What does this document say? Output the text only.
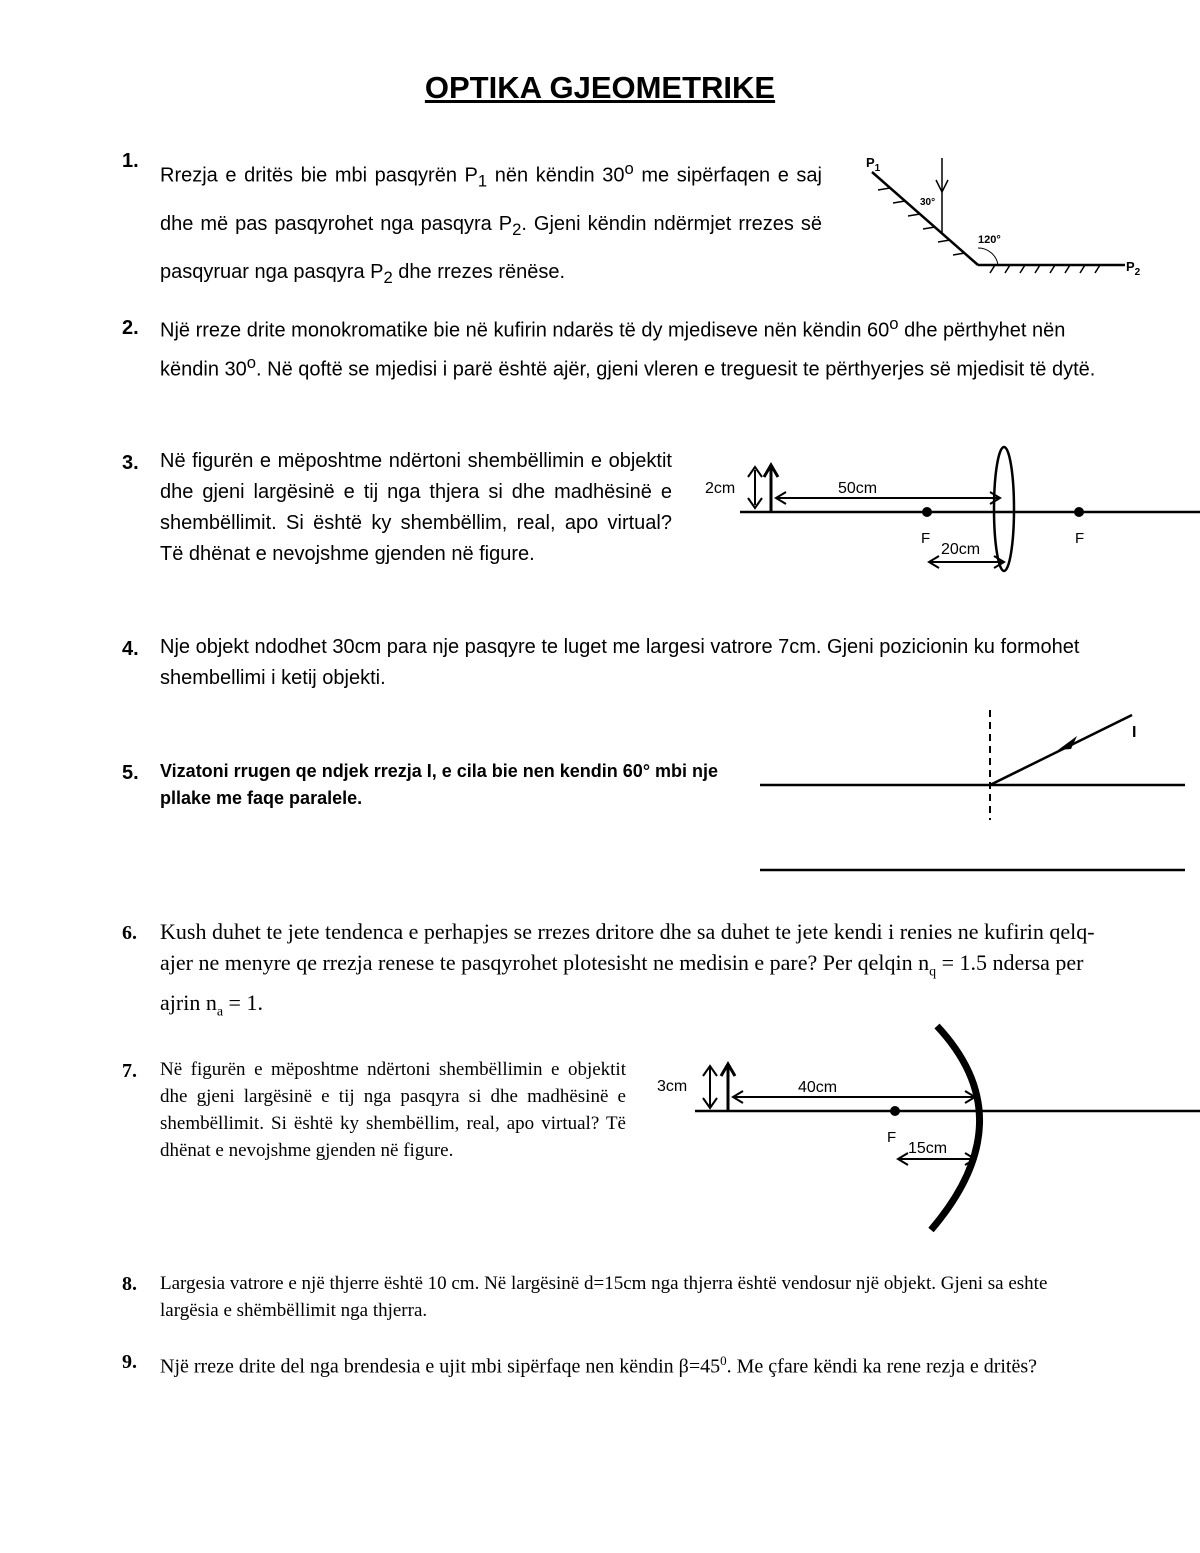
OPTIKA GJEOMETRIKE
1.
Rrezja e dritës bie mbi pasqyrën $P_1$ nën këndin 30$^o$ me sipërfaqen e saj dhe më pas pasqyrohet nga pasqyra $P_2$. Gjeni këndin ndërmjet rrezes së pasqyruar nga pasqyra $P_2$ dhe rrezes rënëse.
$P_1$
$P_2$
30°
120°
2. Një rreze drite monokromatike bie në kufirin ndarës të dy mjediseve nën këndin 60$^o$ dhe përthyhet nën këndin 30$^o$. Në qoftë se mjedisi i parë është ajër, gjeni vleren e treguesit te përthyerjes së mjedisit të dytë.
3. Në figurën e mëposhtme ndërtoni shembëllimin e objektit dhe gjeni largësinë e tij nga thjera si dhe madhësinë e shembëllimit. Si është ky shembëllim, real, apo virtual? Të dhënat e nevojshme gjenden në figure.
2cm	50cm
F	F
20cm
4. Nje objekt ndodhet 30cm para nje pasqyre te luget me largesi vatrore 7cm. Gjeni pozicionin ku formohet shembellimi i ketij objekti.
5. Vizatoni rrugen qe ndjek rrezja I, e cila bie nen kendin 60° mbi nje pllake me faqe paralele.
I
6. Kush duhet te jete tendenca e perhapjes se rrezes dritore dhe sa duhet te jete kendi i renies ne kufirin qelq-ajer ne menyre qe rrezja renese te pasqyrohet plotesisht ne medisin e pare? Per qelqin $n_q = 1.5$ ndersa per ajrin $n_a = 1$.
7. Në figurën e mëposhtme ndërtoni shembëllimin e objektit dhe gjeni largësinë e tij nga pasqyra si dhe madhësinë e shembëllimit. Si është ky shembëllim, real, apo virtual? Të dhënat e nevojshme gjenden në figure.
3cm	40cm
F
15cm
8. Largesia vatrore e një thjerre është 10 cm. Në largësinë d=15cm nga thjerra është vendosur një objekt. Gjeni sa eshte largësia e shëmbëllimit nga thjerra.
9. Një rreze drite del nga brendesia e ujit mbi sipërfaqe nen këndin $\beta=45^0$. Me çfare këndi ka rene rezja e dritës?
